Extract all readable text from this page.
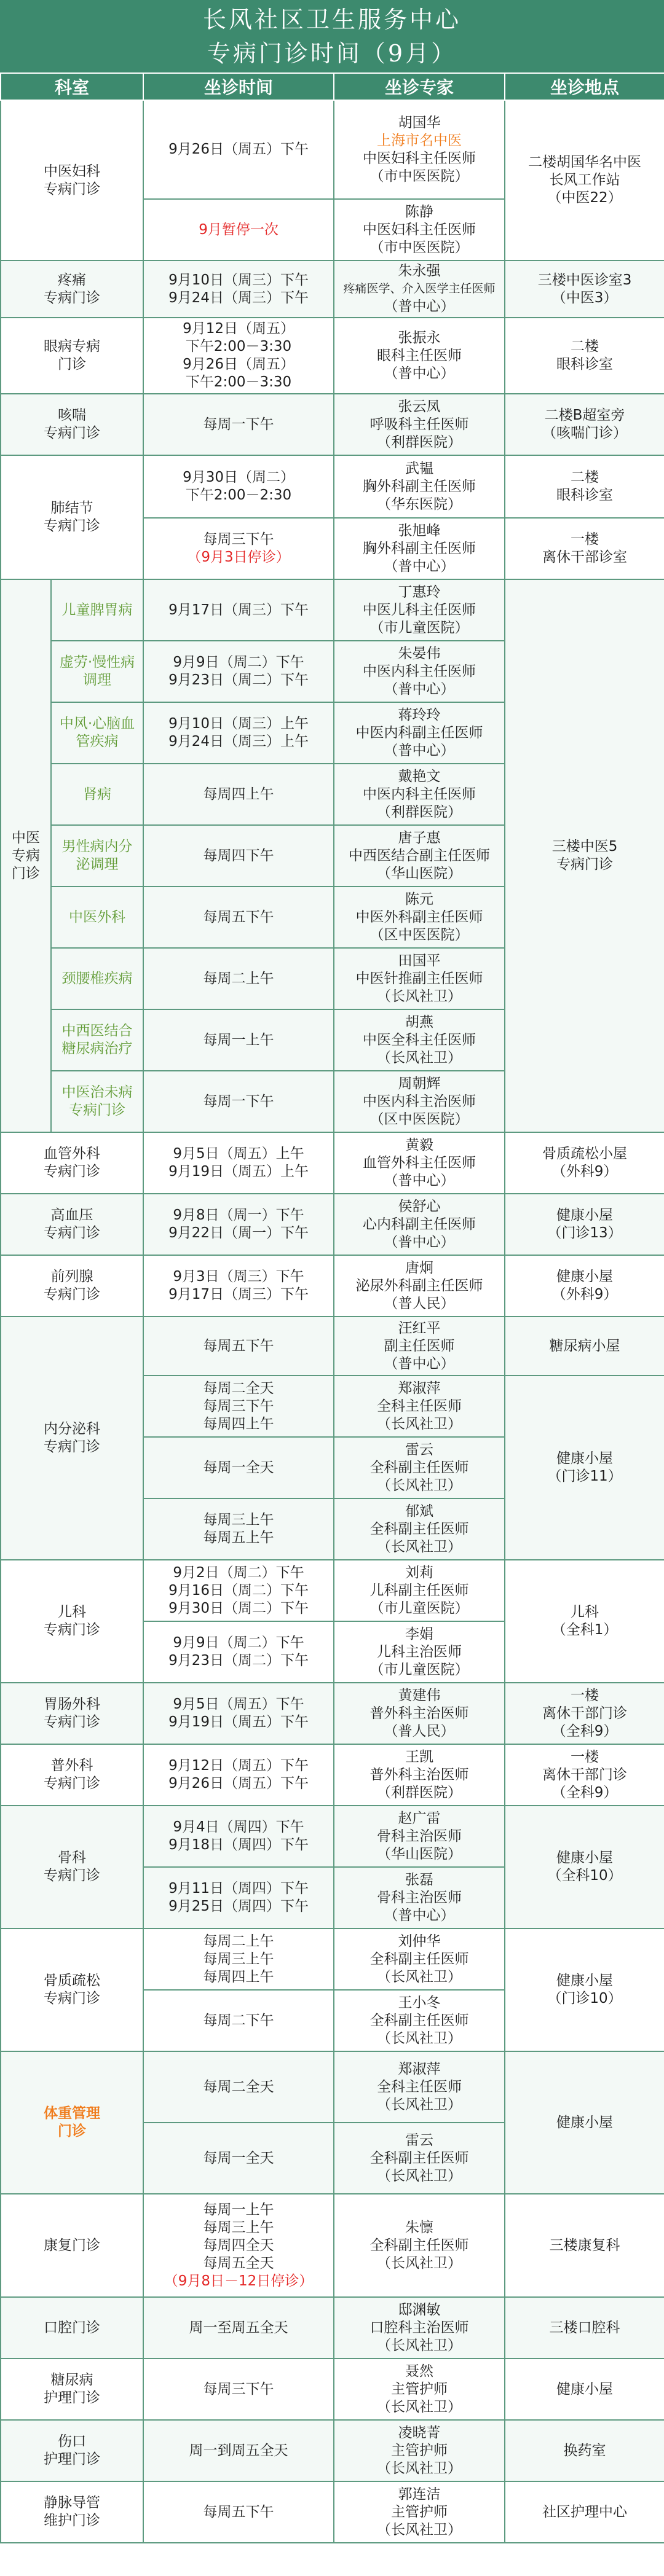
长风社区卫生服务中心
专病门诊时间（9月）
科室		坐诊时间	坐诊专家	坐诊地点

中医妇科
专病门诊		9月26日（周五）下午	胡国华
上海市名中医
中医妇科主任医师
（市中医医院）	二楼胡国华名中医
长风工作站
（中医22）

		9月暂停一次	陈静
中医妇科主任医师
（市中医医院）	

疼痛
专病门诊		9月10日（周三）下午
9月24日（周三）下午	朱永强
疼痛医学、介入医学主任医师
（普中心）	三楼中医诊室3
（中医3）

眼病专病
门诊		9月12日（周五）
下午2:00－3:30
9月26日（周五）
下午2:00－3:30	张振永
眼科主任医师
（普中心）	二楼
眼科诊室

咳喘
专病门诊		每周一下午	张云凤
呼吸科主任医师
（利群医院）	二楼B超室旁
（咳喘门诊）

肺结节
专病门诊		9月30日（周二）
下午2:00－2:30	武韫
胸外科副主任医师
（华东医院）	二楼
眼科诊室

		每周三下午
（9月3日停诊）	张旭峰
胸外科副主任医师
（普中心）	一楼
离休干部诊室

中医
专病
门诊	儿童脾胃病	9月17日（周三）下午	丁惠玲
中医儿科主任医师
（市儿童医院）	三楼中医5
专病门诊

	虚劳·慢性病
调理	9月9日（周二）下午
9月23日（周二）下午	朱晏伟
中医内科主任医师
（普中心）	

	中风·心脑血
管疾病	9月10日（周三）上午
9月24日（周三）上午	蒋玲玲
中医内科副主任医师
（普中心）	

	肾病	每周四上午	戴艳文
中医内科主任医师
（利群医院）	

	男性病内分
泌调理	每周四下午	唐子惠
中西医结合副主任医师
（华山医院）	

	中医外科	每周五下午	陈元
中医外科副主任医师
（区中医医院）	

	颈腰椎疾病	每周二上午	田国平
中医针推副主任医师
（长风社卫）	

	中西医结合
糖尿病治疗	每周一上午	胡燕
中医全科主任医师
（长风社卫）	

	中医治未病
专病门诊	每周一下午	周朝辉
中医内科主治医师
（区中医医院）	

血管外科
专病门诊		9月5日（周五）上午
9月19日（周五）上午	黄毅
血管外科主任医师
（普中心）	骨质疏松小屋
（外科9）

高血压
专病门诊		9月8日（周一）下午
9月22日（周一）下午	侯舒心
心内科副主任医师
（普中心）	健康小屋
（门诊13）

前列腺
专病门诊		9月3日（周三）下午
9月17日（周三）下午	唐炯
泌尿外科副主任医师
（普人民）	健康小屋
（外科9）

内分泌科
专病门诊		每周五下午	汪红平
副主任医师
（普中心）	糖尿病小屋

		每周二全天
每周三下午
每周四上午	郑淑萍
全科主任医师
（长风社卫）	健康小屋
（门诊11）

		每周一全天	雷云
全科副主任医师
（长风社卫）	

		每周三上午
每周五上午	郁斌
全科副主任医师
（长风社卫）	

儿科
专病门诊		9月2日（周二）下午
9月16日（周二）下午
9月30日（周二）下午	刘莉
儿科副主任医师
（市儿童医院）	儿科
（全科1）

		9月9日（周二）下午
9月23日（周二）下午	李娟
儿科主治医师
（市儿童医院）	

胃肠外科
专病门诊		9月5日（周五）下午
9月19日（周五）下午	黄建伟
普外科主治医师
（普人民）	一楼
离休干部门诊
（全科9）

普外科
专病门诊		9月12日（周五）下午
9月26日（周五）下午	王凯
普外科主治医师
（利群医院）	一楼
离休干部门诊
（全科9）

骨科
专病门诊		9月4日（周四）下午
9月18日（周四）下午	赵广雷
骨科主治医师
（华山医院）	健康小屋
（全科10）

		9月11日（周四）下午
9月25日（周四）下午	张磊
骨科主治医师
（普中心）	

骨质疏松
专病门诊		每周二上午
每周三上午
每周四上午	刘仲华
全科副主任医师
（长风社卫）	健康小屋
（门诊10）

		每周二下午	王小冬
全科副主任医师
（长风社卫）	

体重管理
门诊		每周二全天	郑淑萍
全科主任医师
（长风社卫）	健康小屋

		每周一全天	雷云
全科副主任医师
（长风社卫）	

康复门诊		每周一上午
每周三上午
每周四全天
每周五全天
（9月8日－12日停诊）	朱懔
全科副主任医师
（长风社卫）	三楼康复科

口腔门诊		周一至周五全天	邸渊敏
口腔科主治医师
（长风社卫）	三楼口腔科

糖尿病
护理门诊		每周三下午	聂然
主管护师
（长风社卫）	健康小屋

伤口
护理门诊		周一到周五全天	凌晓菁
主管护师
（长风社卫）	换药室

静脉导管
维护门诊		每周五下午	郭连洁
主管护师
（长风社卫）	社区护理中心
